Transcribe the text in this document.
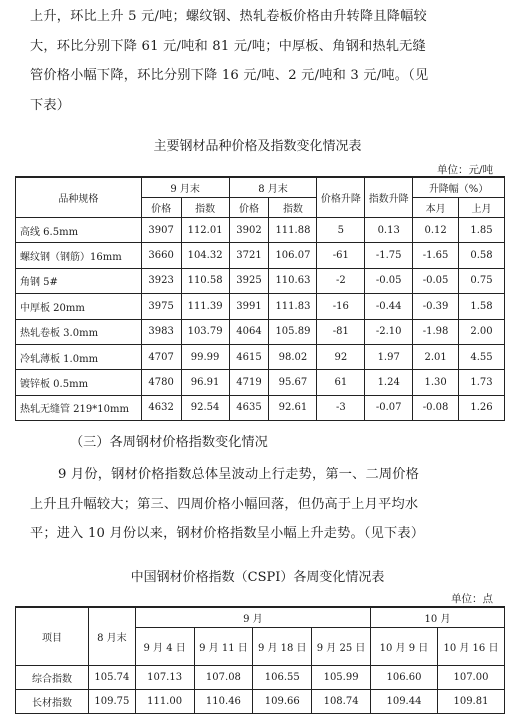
上升，环比上升 5 元/吨；螺纹钢、热轧卷板价格由升转降且降幅较

大，环比分别下降 61 元/吨和 81 元/吨；中厚板、角钢和热轧无缝

管价格小幅下降，环比分别下降 16 元/吨、2 元/吨和 3 元/吨。（见

下表）

主要钢材品种价格及指数变化情况表
单位：元/吨
品种规格	9 月末		8 月末		价格升降	指数升降	升降幅（%）	
	价格	指数	价格	指数			本月	上月
高线 6.5mm	3907	112.01	3902	111.88	5	0.13	0.12	1.85
螺纹钢（钢筋）16mm	3660	104.32	3721	106.07	-61	-1.75	-1.65	0.58
角钢 5#	3923	110.58	3925	110.63	-2	-0.05	-0.05	0.75
中厚板 20mm	3975	111.39	3991	111.83	-16	-0.44	-0.39	1.58
热轧卷板 3.0mm	3983	103.79	4064	105.89	-81	-2.10	-1.98	2.00
冷轧薄板 1.0mm	4707	99.99	4615	98.02	92	1.97	2.01	4.55
镀锌板 0.5mm	4780	96.91	4719	95.67	61	1.24	1.30	1.73
热轧无缝管 219*10mm	4632	92.54	4635	92.61	-3	-0.07	-0.08	1.26
（三）各周钢材价格指数变化情况

9 月份，钢材价格指数总体呈波动上行走势，第一、二周价格

上升且升幅较大；第三、四周价格小幅回落，但仍高于上月平均水

平；进入 10 月份以来，钢材价格指数呈小幅上升走势。（见下表）

中国钢材价格指数（CSPI）各周变化情况表
单位：点
项目	8 月末	9 月				10 月	
		9 月 4 日	9 月 11 日	9 月 18 日	9 月 25 日	10 月 9 日	10 月 16 日
综合指数	105.74	107.13	107.08	106.55	105.99	106.60	107.00
长材指数	109.75	111.00	110.46	109.66	108.74	109.44	109.81
